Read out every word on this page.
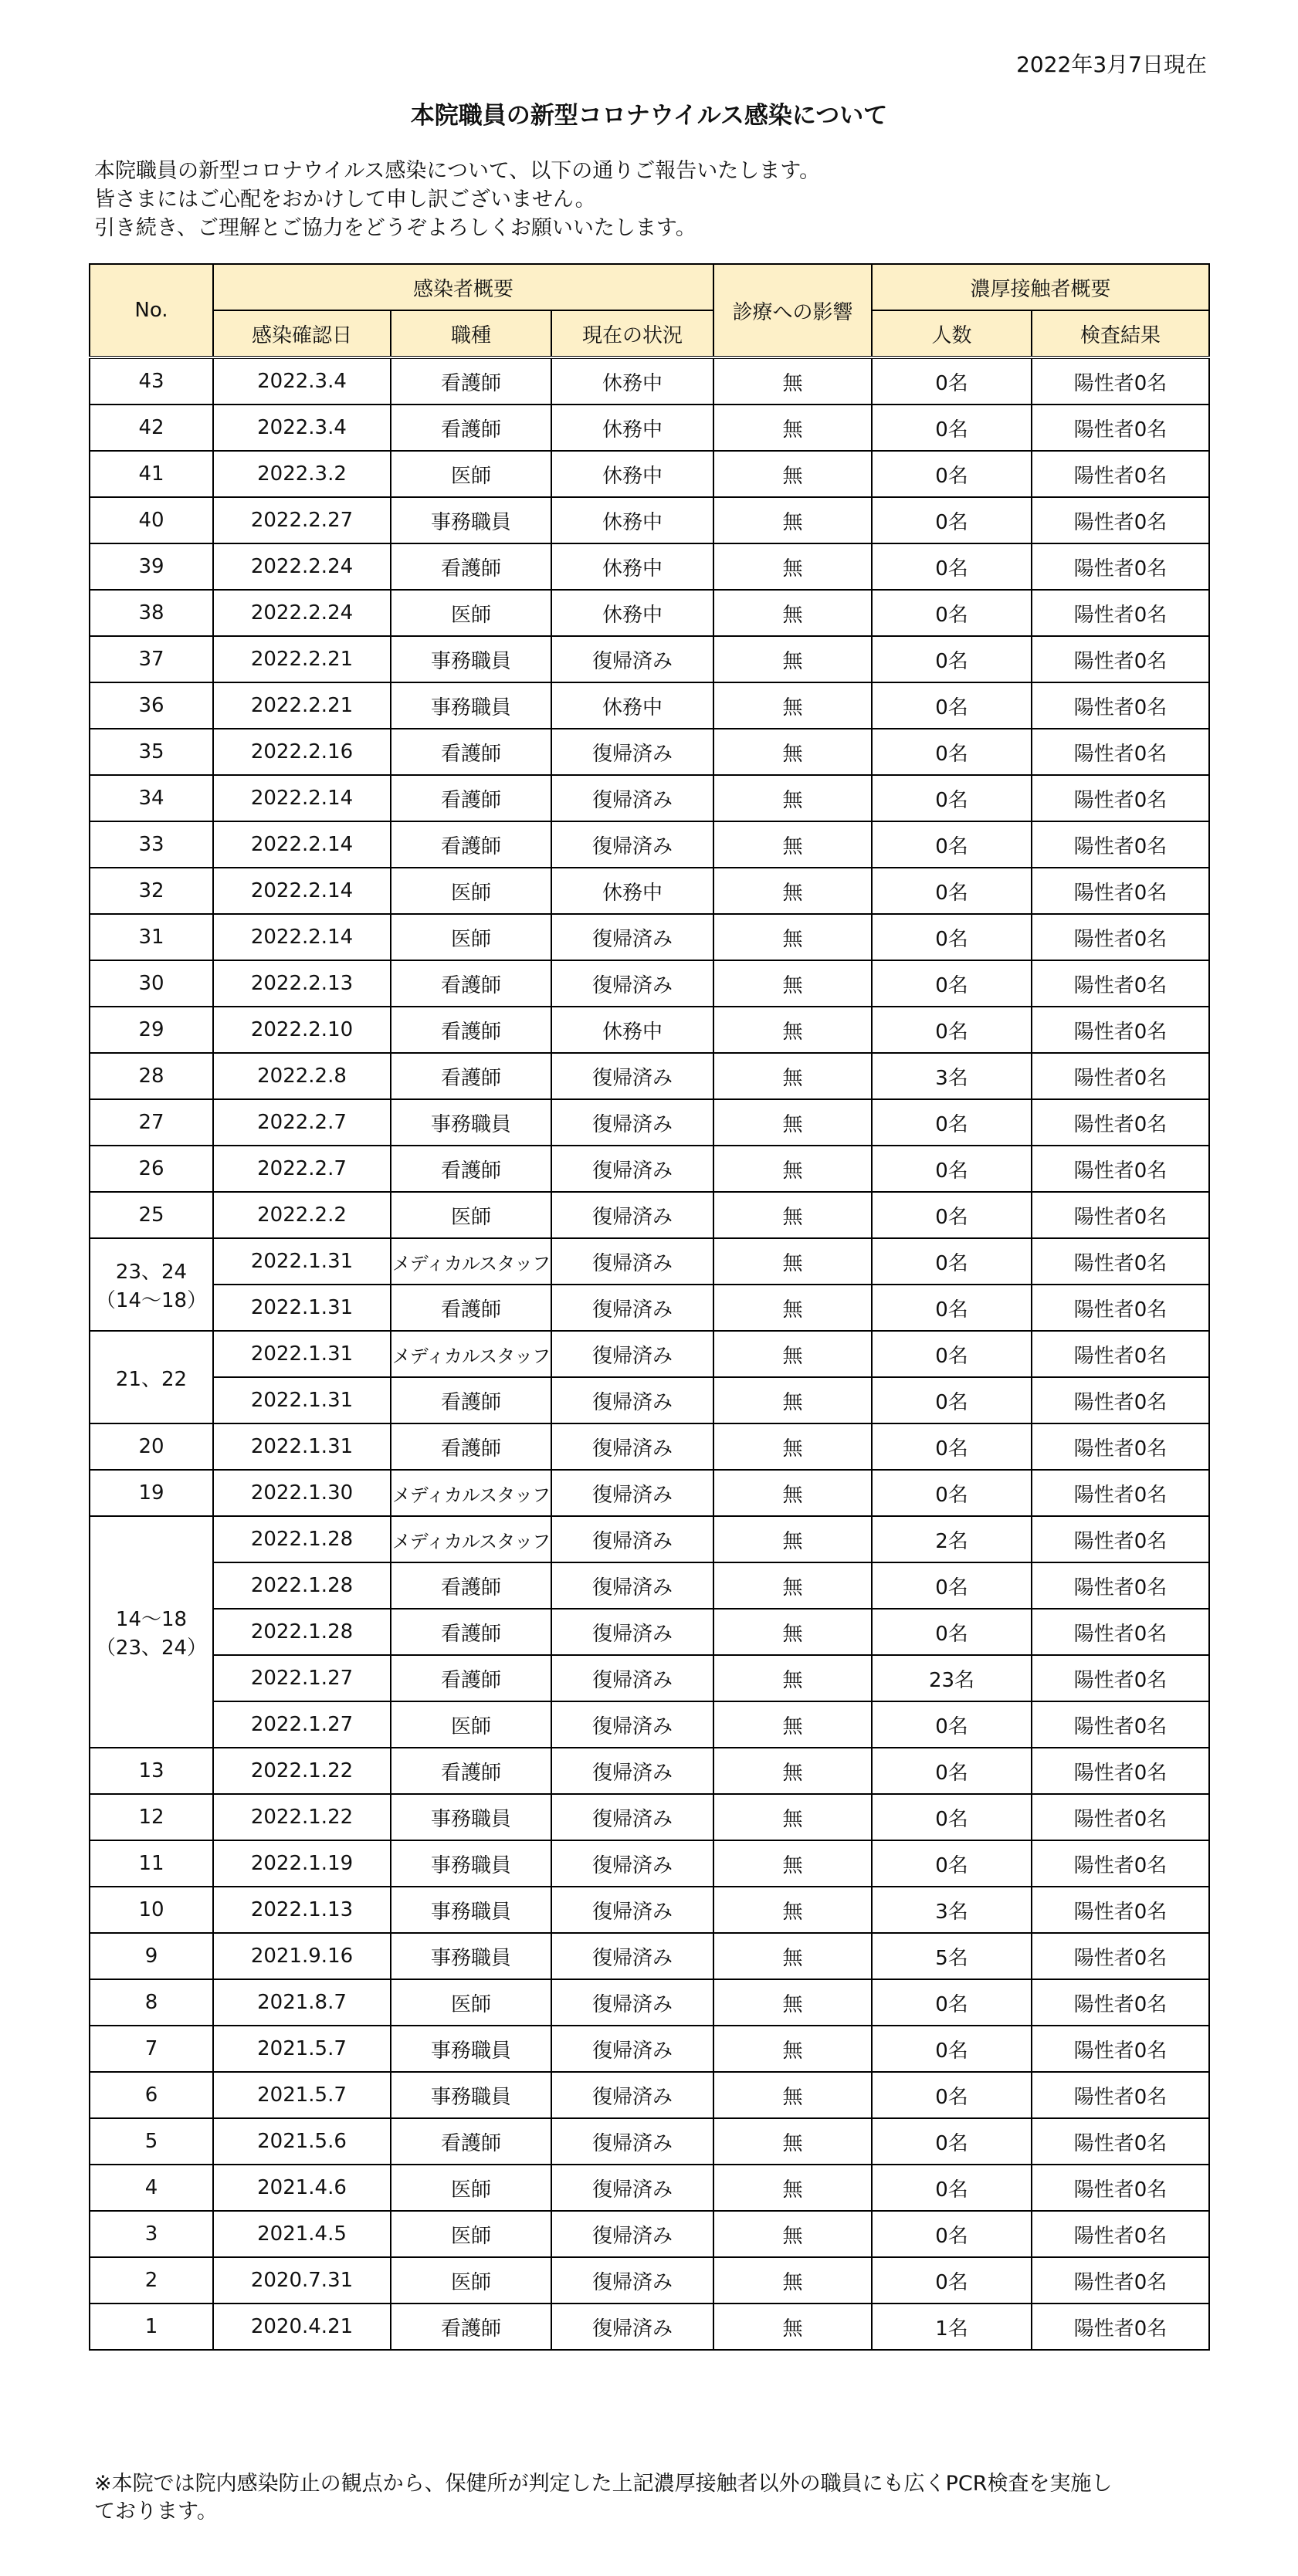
2022年3月7日現在
本院職員の新型コロナウイルス感染について
本院職員の新型コロナウイルス感染について、以下の通りご報告いたします。
皆さまにはご心配をおかけして申し訳ございません。
引き続き、ご理解とご協力をどうぞよろしくお願いいたします。
No.	感染者概要			診療への影響	濃厚接触者概要	
	感染確認日	職種	現在の状況		人数	検査結果

43	2022.3.4	看護師	休務中	無	0名	陽性者0名

42	2022.3.4	看護師	休務中	無	0名	陽性者0名

41	2022.3.2	医師	休務中	無	0名	陽性者0名

40	2022.2.27	事務職員	休務中	無	0名	陽性者0名

39	2022.2.24	看護師	休務中	無	0名	陽性者0名

38	2022.2.24	医師	休務中	無	0名	陽性者0名

37	2022.2.21	事務職員	復帰済み	無	0名	陽性者0名

36	2022.2.21	事務職員	休務中	無	0名	陽性者0名

35	2022.2.16	看護師	復帰済み	無	0名	陽性者0名

34	2022.2.14	看護師	復帰済み	無	0名	陽性者0名

33	2022.2.14	看護師	復帰済み	無	0名	陽性者0名

32	2022.2.14	医師	休務中	無	0名	陽性者0名

31	2022.2.14	医師	復帰済み	無	0名	陽性者0名

30	2022.2.13	看護師	復帰済み	無	0名	陽性者0名

29	2022.2.10	看護師	休務中	無	0名	陽性者0名

28	2022.2.8	看護師	復帰済み	無	3名	陽性者0名

27	2022.2.7	事務職員	復帰済み	無	0名	陽性者0名

26	2022.2.7	看護師	復帰済み	無	0名	陽性者0名

25	2022.2.2	医師	復帰済み	無	0名	陽性者0名

23、24
（14～18）	2022.1.31	メディカルスタッフ	復帰済み	無	0名	陽性者0名
	2022.1.31	看護師	復帰済み	無	0名	陽性者0名

21、22	2022.1.31	メディカルスタッフ	復帰済み	無	0名	陽性者0名
	2022.1.31	看護師	復帰済み	無	0名	陽性者0名

20	2022.1.31	看護師	復帰済み	無	0名	陽性者0名

19	2022.1.30	メディカルスタッフ	復帰済み	無	0名	陽性者0名

14～18
（23、24）	2022.1.28	メディカルスタッフ	復帰済み	無	2名	陽性者0名
	2022.1.28	看護師	復帰済み	無	0名	陽性者0名
	2022.1.28	看護師	復帰済み	無	0名	陽性者0名
	2022.1.27	看護師	復帰済み	無	23名	陽性者0名
	2022.1.27	医師	復帰済み	無	0名	陽性者0名

13	2022.1.22	看護師	復帰済み	無	0名	陽性者0名

12	2022.1.22	事務職員	復帰済み	無	0名	陽性者0名

11	2022.1.19	事務職員	復帰済み	無	0名	陽性者0名

10	2022.1.13	事務職員	復帰済み	無	3名	陽性者0名

9	2021.9.16	事務職員	復帰済み	無	5名	陽性者0名

8	2021.8.7	医師	復帰済み	無	0名	陽性者0名

7	2021.5.7	事務職員	復帰済み	無	0名	陽性者0名

6	2021.5.7	事務職員	復帰済み	無	0名	陽性者0名

5	2021.5.6	看護師	復帰済み	無	0名	陽性者0名

4	2021.4.6	医師	復帰済み	無	0名	陽性者0名

3	2021.4.5	医師	復帰済み	無	0名	陽性者0名

2	2020.7.31	医師	復帰済み	無	0名	陽性者0名

1	2020.4.21	看護師	復帰済み	無	1名	陽性者0名
※本院では院内感染防止の観点から、保健所が判定した上記濃厚接触者以外の職員にも広くPCR検査を実施し
ております。
